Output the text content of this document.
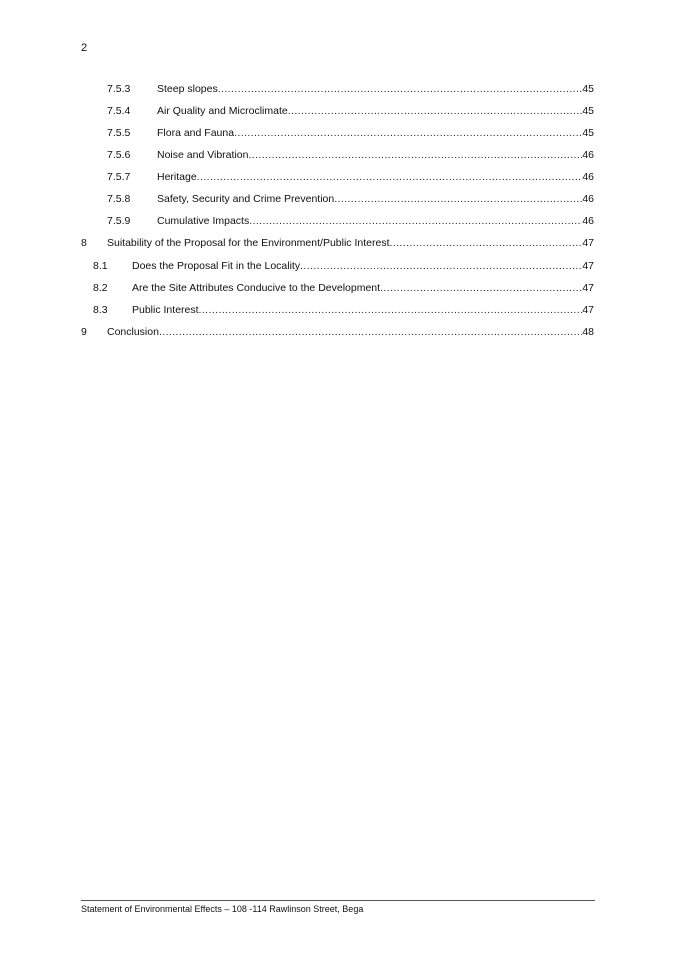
2
7.5.3	Steep slopes .....	45
7.5.4	Air Quality and Microclimate .....	45
7.5.5	Flora and Fauna .....	45
7.5.6	Noise and Vibration .....	46
7.5.7	Heritage .....	46
7.5.8	Safety, Security and Crime Prevention .....	46
7.5.9	Cumulative Impacts .....	46
8 Suitability of the Proposal for the Environment/Public Interest .....	47
8.1 Does the Proposal Fit in the Locality .....	47
8.2 Are the Site Attributes Conducive to the Development .....	47
8.3 Public Interest .....	47
9 Conclusion .....	48
Statement of Environmental Effects – 108 -114 Rawlinson Street, Bega
